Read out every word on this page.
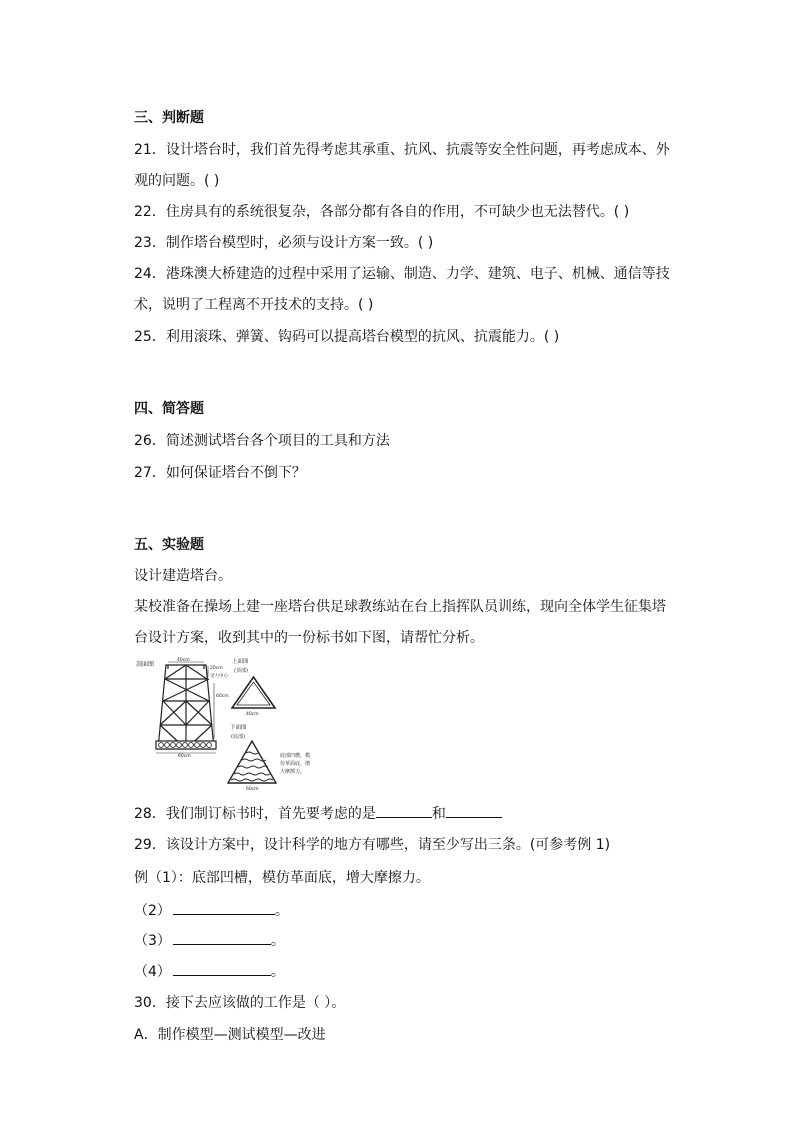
三、判断题
21．设计塔台时，我们首先得考虑其承重、抗风、抗震等安全性问题，再考虑成本、外
观的问题。( )
22．住房具有的系统很复杂，各部分都有各自的作用，不可缺少也无法替代。( )
23．制作塔台模型时，必须与设计方案一致。( )
24．港珠澳大桥建造的过程中采用了运输、制造、力学、建筑、电子、机械、通信等技
术，说明了工程离不开技术的支持。( )
25．利用滚珠、弹簧、钩码可以提高塔台模型的抗风、抗震能力。( )
四、简答题
26．简述测试塔台各个项目的工具和方法
27．如何保证塔台不倒下？
五、实验题
设计建造塔台。
某校准备在操场上建一座塔台供足球教练站在台上指挥队员训练，现向全体学生征集塔
台设计方案，收到其中的一份标书如下图，请帮忙分析。
剖面图
40cm
60cm
20cm
受力中心
60cm
上面图
(顶部)
40cm
下面图
(底部)
60cm
底部凹槽，模
仿革面底，增
大摩擦力。
28．我们制订标书时，首先要考虑的是	和
29．该设计方案中，设计科学的地方有哪些，请至少写出三条。(可参考例 1)
例（1）：底部凹槽，模仿革面底，增大摩擦力。
（2）	。
（3）	。
（4）	。
30．接下去应该做的工作是（ ）。
A．制作模型—测试模型—改进
